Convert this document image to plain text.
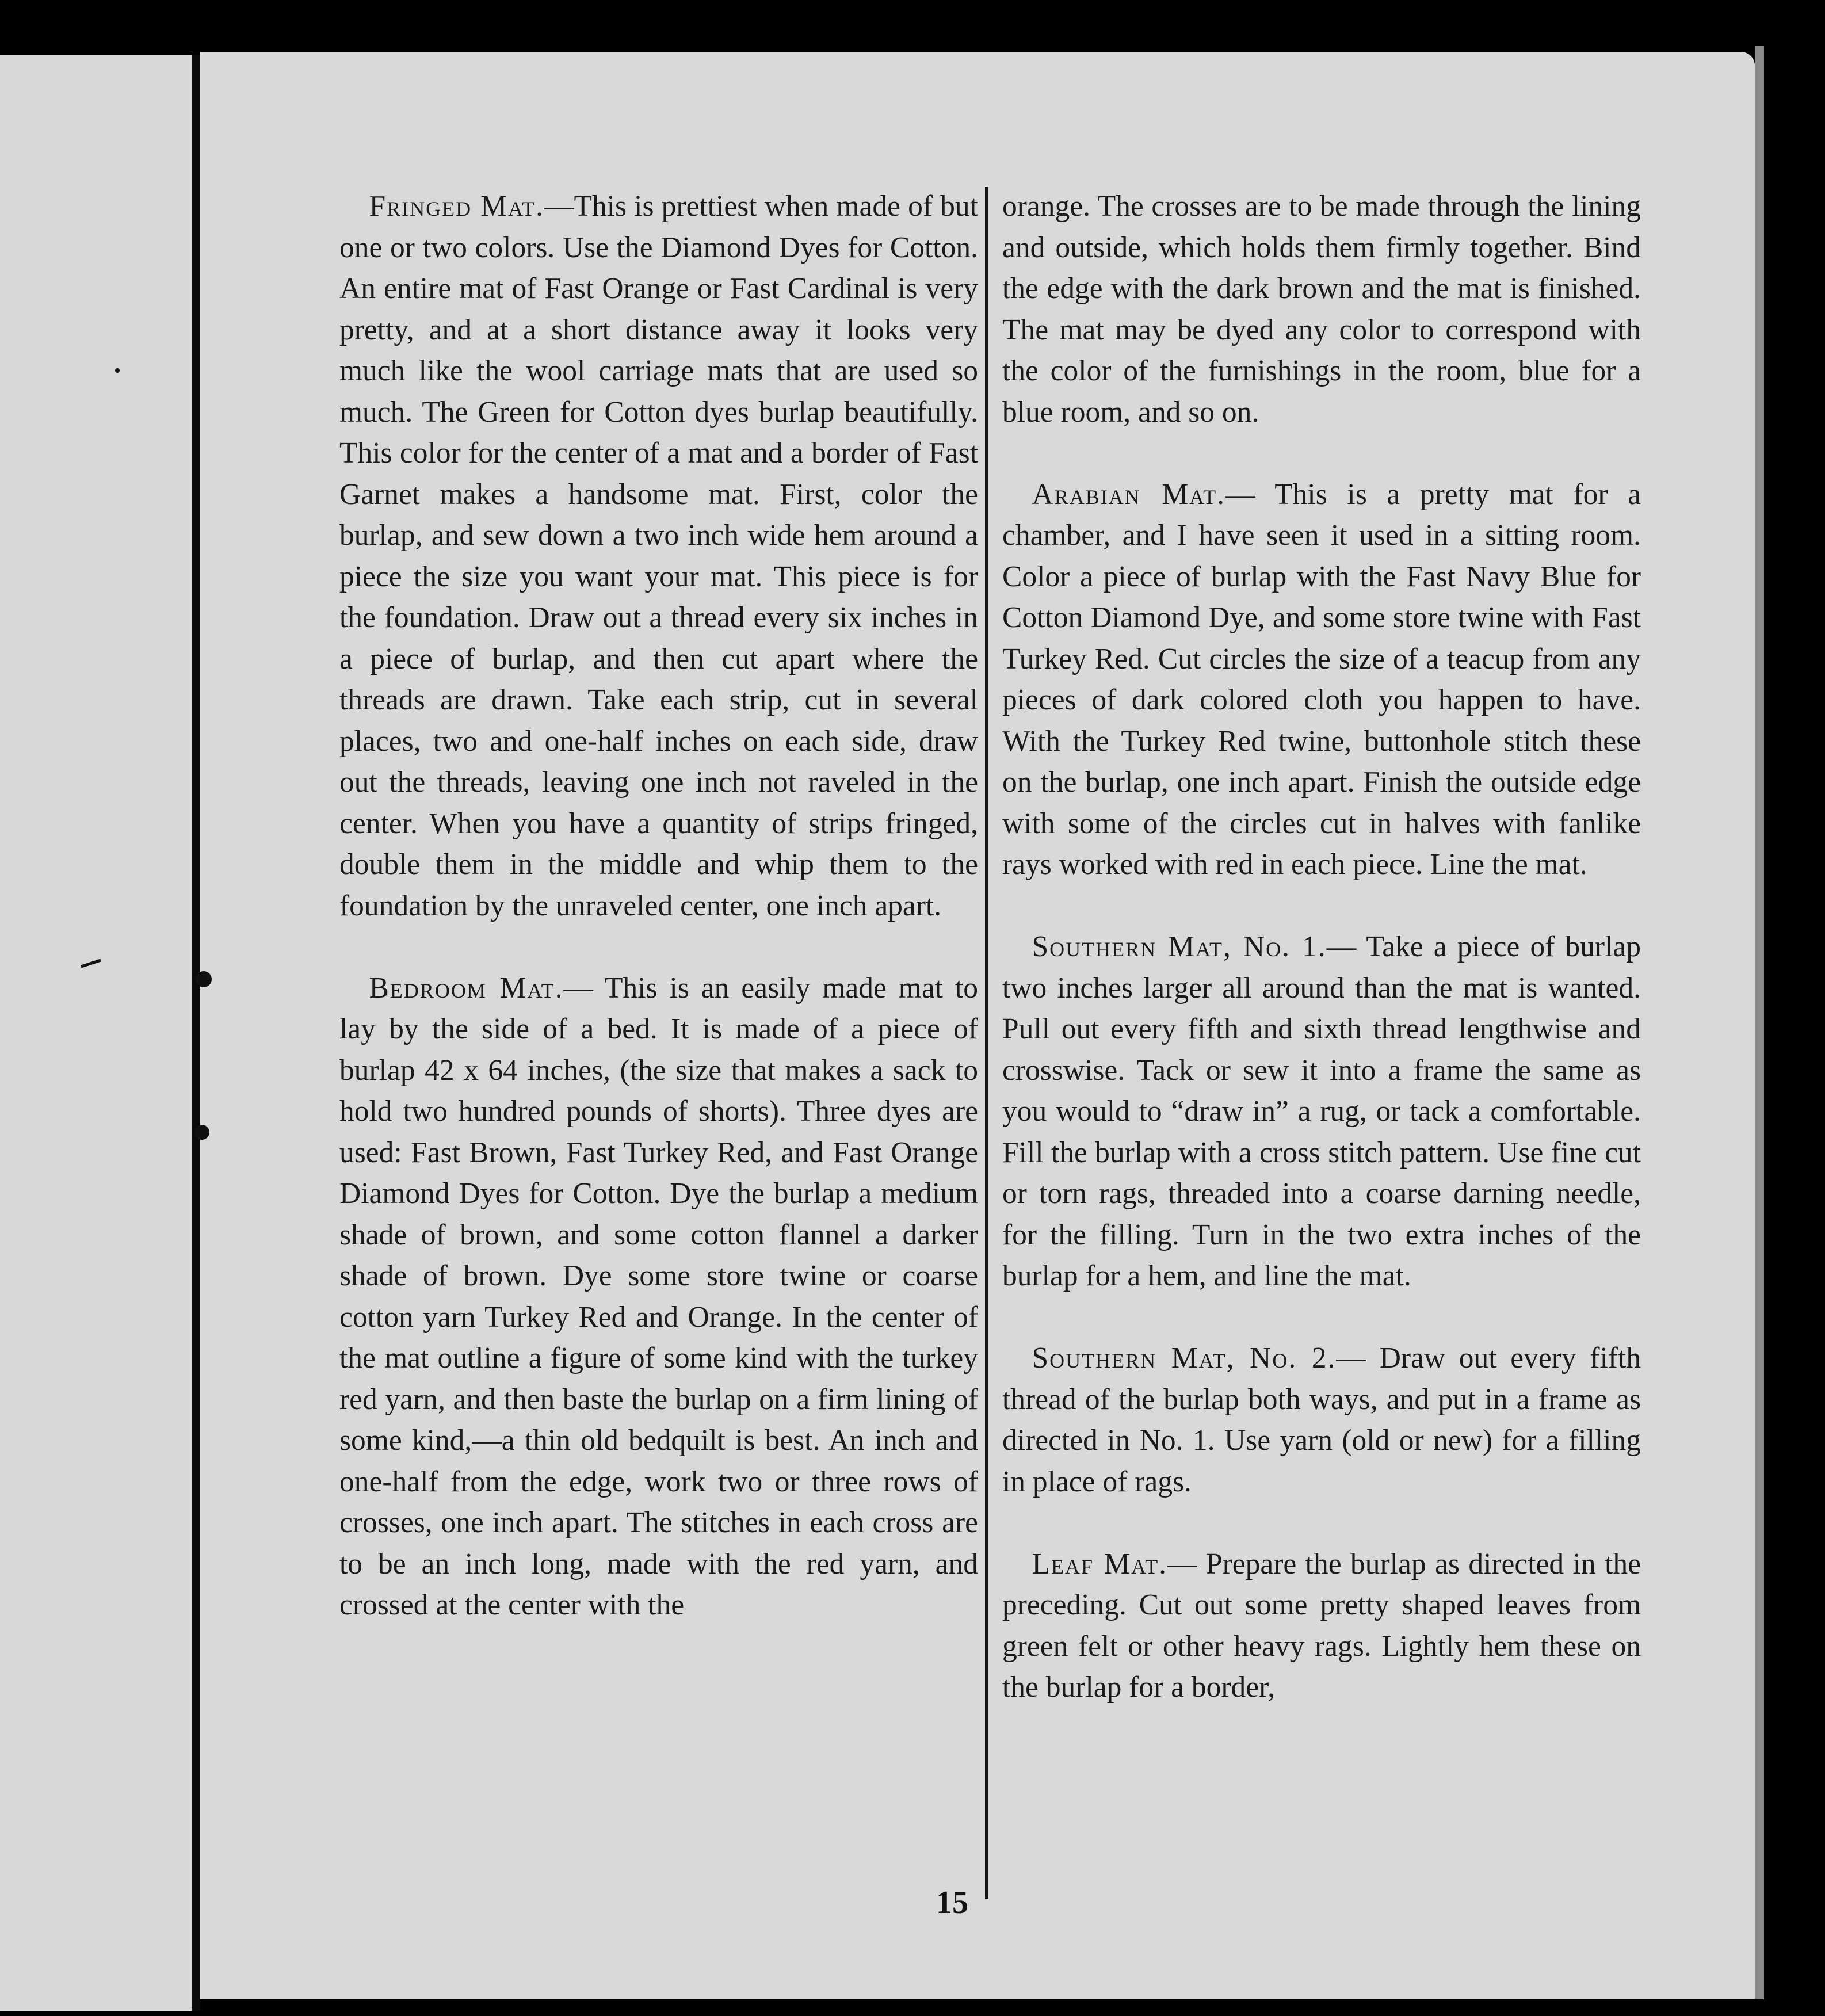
Fringed Mat.—This is prettiest when made of but one or two colors. Use the Diamond Dyes for Cotton. An entire mat of Fast Orange or Fast Cardinal is very pretty, and at a short distance away it looks very much like the wool carriage mats that are used so much. The Green for Cotton dyes burlap beautifully. This color for the center of a mat and a border of Fast Garnet makes a handsome mat. First, color the burlap, and sew down a two inch wide hem around a piece the size you want your mat. This piece is for the foundation. Draw out a thread every six inches in a piece of burlap, and then cut apart where the threads are drawn. Take each strip, cut in several places, two and one-half inches on each side, draw out the threads, leaving one inch not raveled in the center. When you have a quantity of strips fringed, double them in the middle and whip them to the foundation by the unraveled center, one inch apart.

Bedroom Mat.— This is an easily made mat to lay by the side of a bed. It is made of a piece of burlap 42 x 64 inches, (the size that makes a sack to hold two hundred pounds of shorts). Three dyes are used: Fast Brown, Fast Turkey Red, and Fast Orange Diamond Dyes for Cotton. Dye the burlap a medium shade of brown, and some cotton flannel a darker shade of brown. Dye some store twine or coarse cotton yarn Turkey Red and Orange. In the center of the mat outline a figure of some kind with the turkey red yarn, and then baste the burlap on a firm lining of some kind,—a thin old bedquilt is best. An inch and one-half from the edge, work two or three rows of crosses, one inch apart. The stitches in each cross are to be an inch long, made with the red yarn, and crossed at the center with the

orange. The crosses are to be made through the lining and outside, which holds them firmly together. Bind the edge with the dark brown and the mat is finished. The mat may be dyed any color to correspond with the color of the furnishings in the room, blue for a blue room, and so on.

Arabian Mat.— This is a pretty mat for a chamber, and I have seen it used in a sitting room. Color a piece of burlap with the Fast Navy Blue for Cotton Diamond Dye, and some store twine with Fast Turkey Red. Cut circles the size of a teacup from any pieces of dark colored cloth you happen to have. With the Turkey Red twine, buttonhole stitch these on the burlap, one inch apart. Finish the outside edge with some of the circles cut in halves with fanlike rays worked with red in each piece. Line the mat.

Southern Mat, No. 1.— Take a piece of burlap two inches larger all around than the mat is wanted. Pull out every fifth and sixth thread lengthwise and crosswise. Tack or sew it into a frame the same as you would to “draw in” a rug, or tack a comfortable. Fill the burlap with a cross stitch pattern. Use fine cut or torn rags, threaded into a coarse darning needle, for the filling. Turn in the two extra inches of the burlap for a hem, and line the mat.

Southern Mat, No. 2.— Draw out every fifth thread of the burlap both ways, and put in a frame as directed in No. 1. Use yarn (old or new) for a filling in place of rags.

Leaf Mat.— Prepare the burlap as directed in the preceding. Cut out some pretty shaped leaves from green felt or other heavy rags. Lightly hem these on the burlap for a border,

15
